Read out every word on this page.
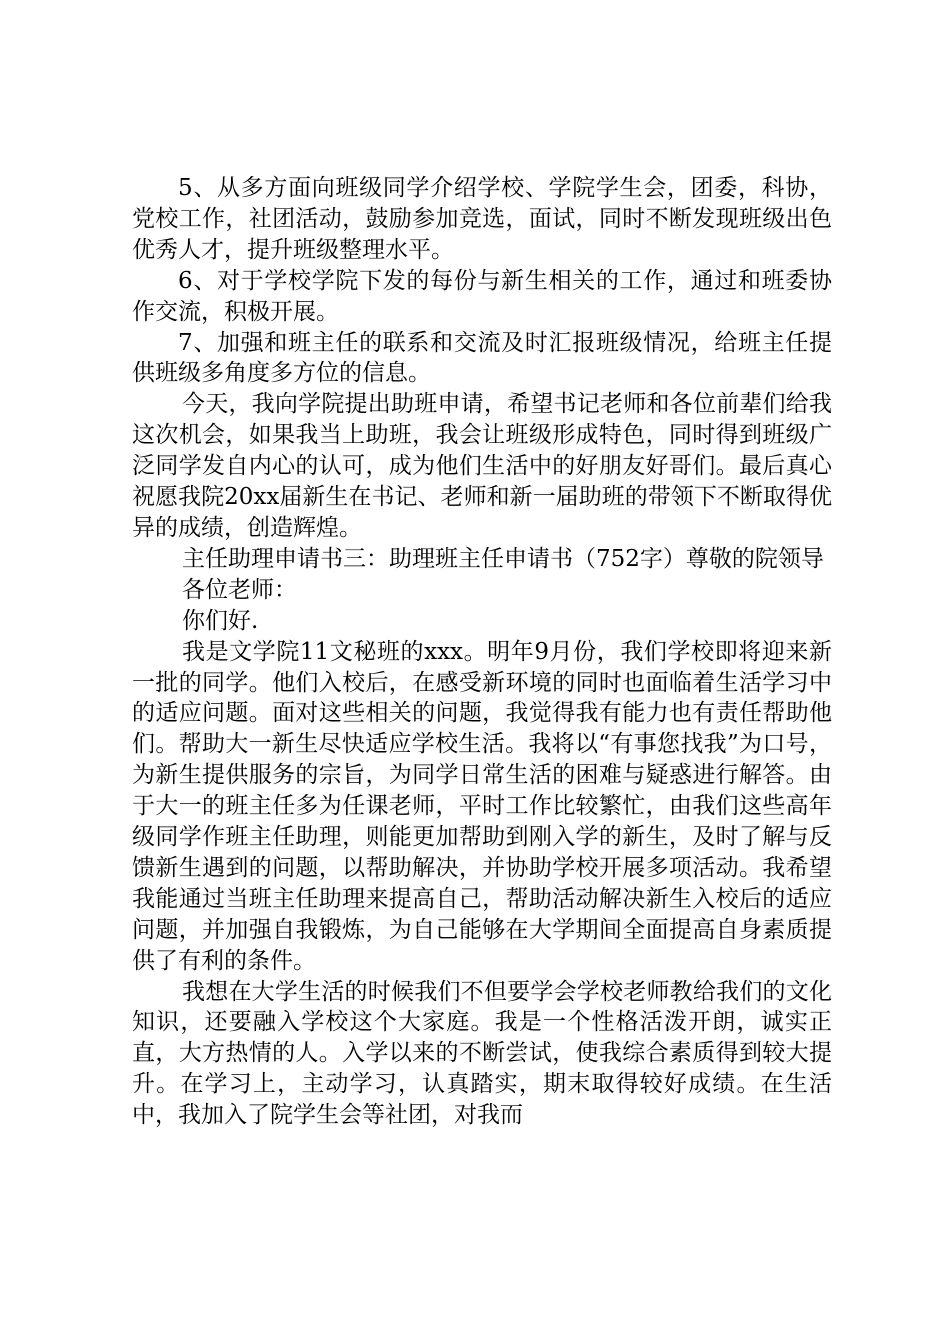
5、从多方面向班级同学介绍学校、学院学生会，团委，科协，党校工作，社团活动，鼓励参加竞选，面试，同时不断发现班级出色优秀人才，提升班级整理水平。

6、对于学校学院下发的每份与新生相关的工作，通过和班委协作交流，积极开展。

7、加强和班主任的联系和交流及时汇报班级情况，给班主任提供班级多角度多方位的信息。

今天，我向学院提出助班申请，希望书记老师和各位前辈们给我这次机会，如果我当上助班，我会让班级形成特色，同时得到班级广泛同学发自内心的认可，成为他们生活中的好朋友好哥们。最后真心祝愿我院20xx届新生在书记、老师和新一届助班的带领下不断取得优异的成绩，创造辉煌。

主任助理申请书三：助理班主任申请书（752字）尊敬的院领导

各位老师：

你们好.

我是文学院11文秘班的xxx。明年9月份，我们学校即将迎来新一批的同学。他们入校后，在感受新环境的同时也面临着生活学习中的适应问题。面对这些相关的问题，我觉得我有能力也有责任帮助他们。帮助大一新生尽快适应学校生活。我将以“有事您找我”为口号，为新生提供服务的宗旨，为同学日常生活的困难与疑惑进行解答。由于大一的班主任多为任课老师，平时工作比较繁忙，由我们这些高年级同学作班主任助理，则能更加帮助到刚入学的新生，及时了解与反馈新生遇到的问题，以帮助解决，并协助学校开展多项活动。我希望我能通过当班主任助理来提高自己，帮助活动解决新生入校后的适应问题，并加强自我锻炼，为自己能够在大学期间全面提高自身素质提供了有利的条件。

我想在大学生活的时候我们不但要学会学校老师教给我们的文化知识，还要融入学校这个大家庭。我是一个性格活泼开朗，诚实正直，大方热情的人。入学以来的不断尝试，使我综合素质得到较大提升。在学习上，主动学习，认真踏实，期末取得较好成绩。在生活中，我加入了院学生会等社团，对我而
